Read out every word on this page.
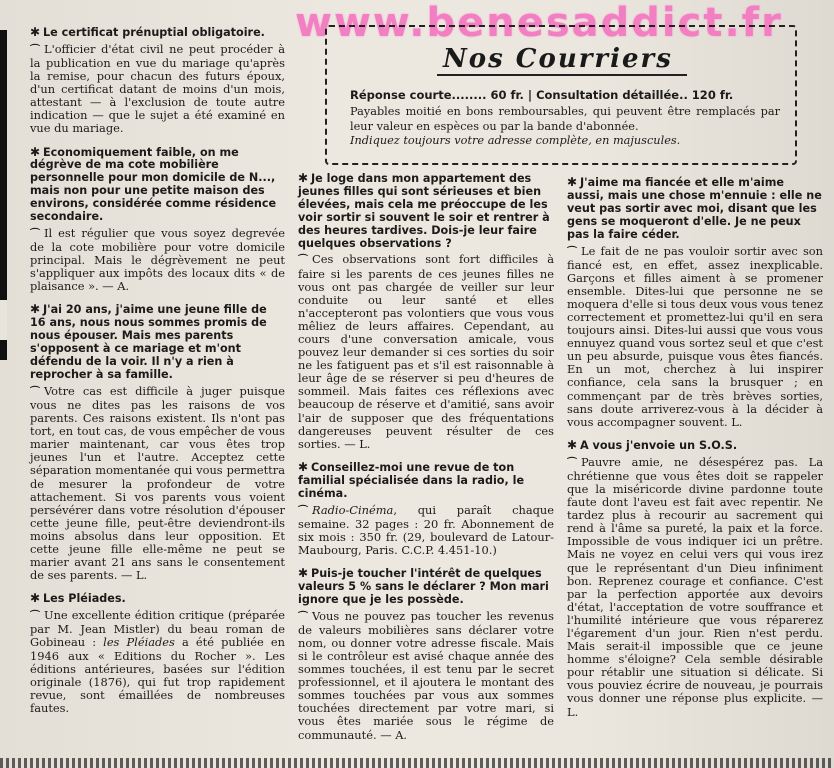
www.benesaddict.fr
Nos Courriers
Réponse courte........ 60 fr. | Consultation détaillée.. 120 fr.
Payables moitié en bons remboursables, qui peuvent être remplacés par leur valeur en espèces ou par la bande d'abonnée.
Indiquez toujours votre adresse complète, en majuscules.

✱ Le certificat prénuptial obligatoire.

⌒ L'officier d'état civil ne peut procéder à la publication en vue du mariage qu'après la remise, pour chacun des futurs époux, d'un certificat datant de moins d'un mois, attestant — à l'exclusion de toute autre indication — que le sujet a été examiné en vue du mariage.

✱ Economiquement faible, on me dégrève de ma cote mobilière personnelle pour mon domicile de N..., mais non pour une petite maison des environs, considérée comme résidence secondaire.

⌒ Il est régulier que vous soyez degrevée de la cote mobilière pour votre domicile principal. Mais le dégrèvement ne peut s'appliquer aux impôts des locaux dits « de plaisance ». — A.

✱ J'ai 20 ans, j'aime une jeune fille de 16 ans, nous nous sommes promis de nous épouser. Mais mes parents s'opposent à ce mariage et m'ont défendu de la voir. Il n'y a rien à reprocher à sa famille.

⌒ Votre cas est difficile à juger puisque vous ne dites pas les raisons de vos parents. Ces raisons existent. Ils n'ont pas tort, en tout cas, de vous empêcher de vous marier maintenant, car vous êtes trop jeunes l'un et l'autre. Acceptez cette séparation momentanée qui vous permettra de mesurer la profondeur de votre attachement. Si vos parents vous voient persévérer dans votre résolution d'épouser cette jeune fille, peut-être deviendront-ils moins absolus dans leur opposition. Et cette jeune fille elle-même ne peut se marier avant 21 ans sans le consentement de ses parents. — L.

✱ Les Pléiades.

⌒ Une excellente édition critique (préparée par M. Jean Mistler) du beau roman de Gobineau : les Pléiades a été publiée en 1946 aux « Editions du Rocher ». Les éditions antérieures, basées sur l'édition originale (1876), qui fut trop rapidement revue, sont émaillées de nombreuses fautes.

✱ Je loge dans mon appartement des jeunes filles qui sont sérieuses et bien élevées, mais cela me préoccupe de les voir sortir si souvent le soir et rentrer à des heures tardives. Dois-je leur faire quelques observations ?

⌒ Ces observations sont fort difficiles à faire si les parents de ces jeunes filles ne vous ont pas chargée de veiller sur leur conduite ou leur santé et elles n'accepteront pas volontiers que vous vous mêliez de leurs affaires. Cependant, au cours d'une conversation amicale, vous pouvez leur demander si ces sorties du soir ne les fatiguent pas et s'il est raisonnable à leur âge de se réserver si peu d'heures de sommeil. Mais faites ces réflexions avec beaucoup de réserve et d'amitié, sans avoir l'air de supposer que des fréquentations dangereuses peuvent résulter de ces sorties. — L.

✱ Conseillez-moi une revue de ton familial spécialisée dans la radio, le cinéma.

⌒ Radio-Cinéma, qui paraît chaque semaine. 32 pages : 20 fr. Abonnement de six mois : 350 fr. (29, boulevard de Latour-Maubourg, Paris. C.C.P. 4.451-10.)

✱ Puis-je toucher l'intérêt de quelques valeurs 5 % sans le déclarer ? Mon mari ignore que je les possède.

⌒ Vous ne pouvez pas toucher les revenus de valeurs mobilières sans déclarer votre nom, ou donner votre adresse fiscale. Mais si le contrôleur est avisé chaque année des sommes touchées, il est tenu par le secret professionnel, et il ajoutera le montant des sommes touchées par vous aux sommes touchées directement par votre mari, si vous êtes mariée sous le régime de communauté. — A.

✱ J'aime ma fiancée et elle m'aime aussi, mais une chose m'ennuie : elle ne veut pas sortir avec moi, disant que les gens se moqueront d'elle. Je ne peux pas la faire céder.

⌒ Le fait de ne pas vouloir sortir avec son fiancé est, en effet, assez inexplicable. Garçons et filles aiment à se promener ensemble. Dites-lui que personne ne se moquera d'elle si tous deux vous vous tenez correctement et promettez-lui qu'il en sera toujours ainsi. Dites-lui aussi que vous vous ennuyez quand vous sortez seul et que c'est un peu absurde, puisque vous êtes fiancés. En un mot, cherchez à lui inspirer confiance, cela sans la brusquer ; en commençant par de très brèves sorties, sans doute arriverez-vous à la décider à vous accompagner souvent. L.

✱ A vous j'envoie un S.O.S.

⌒ Pauvre amie, ne désespérez pas. La chrétienne que vous êtes doit se rappeler que la miséricorde divine pardonne toute faute dont l'aveu est fait avec repentir. Ne tardez plus à recourir au sacrement qui rend à l'âme sa pureté, la paix et la force. Impossible de vous indiquer ici un prêtre. Mais ne voyez en celui vers qui vous irez que le représentant d'un Dieu infiniment bon. Reprenez courage et confiance. C'est par la perfection apportée aux devoirs d'état, l'acceptation de votre souffrance et l'humilité intérieure que vous réparerez l'égarement d'un jour. Rien n'est perdu. Mais serait-il impossible que ce jeune homme s'éloigne? Cela semble désirable pour rétablir une situation si délicate. Si vous pouviez écrire de nouveau, je pourrais vous donner une réponse plus explicite. — L.
